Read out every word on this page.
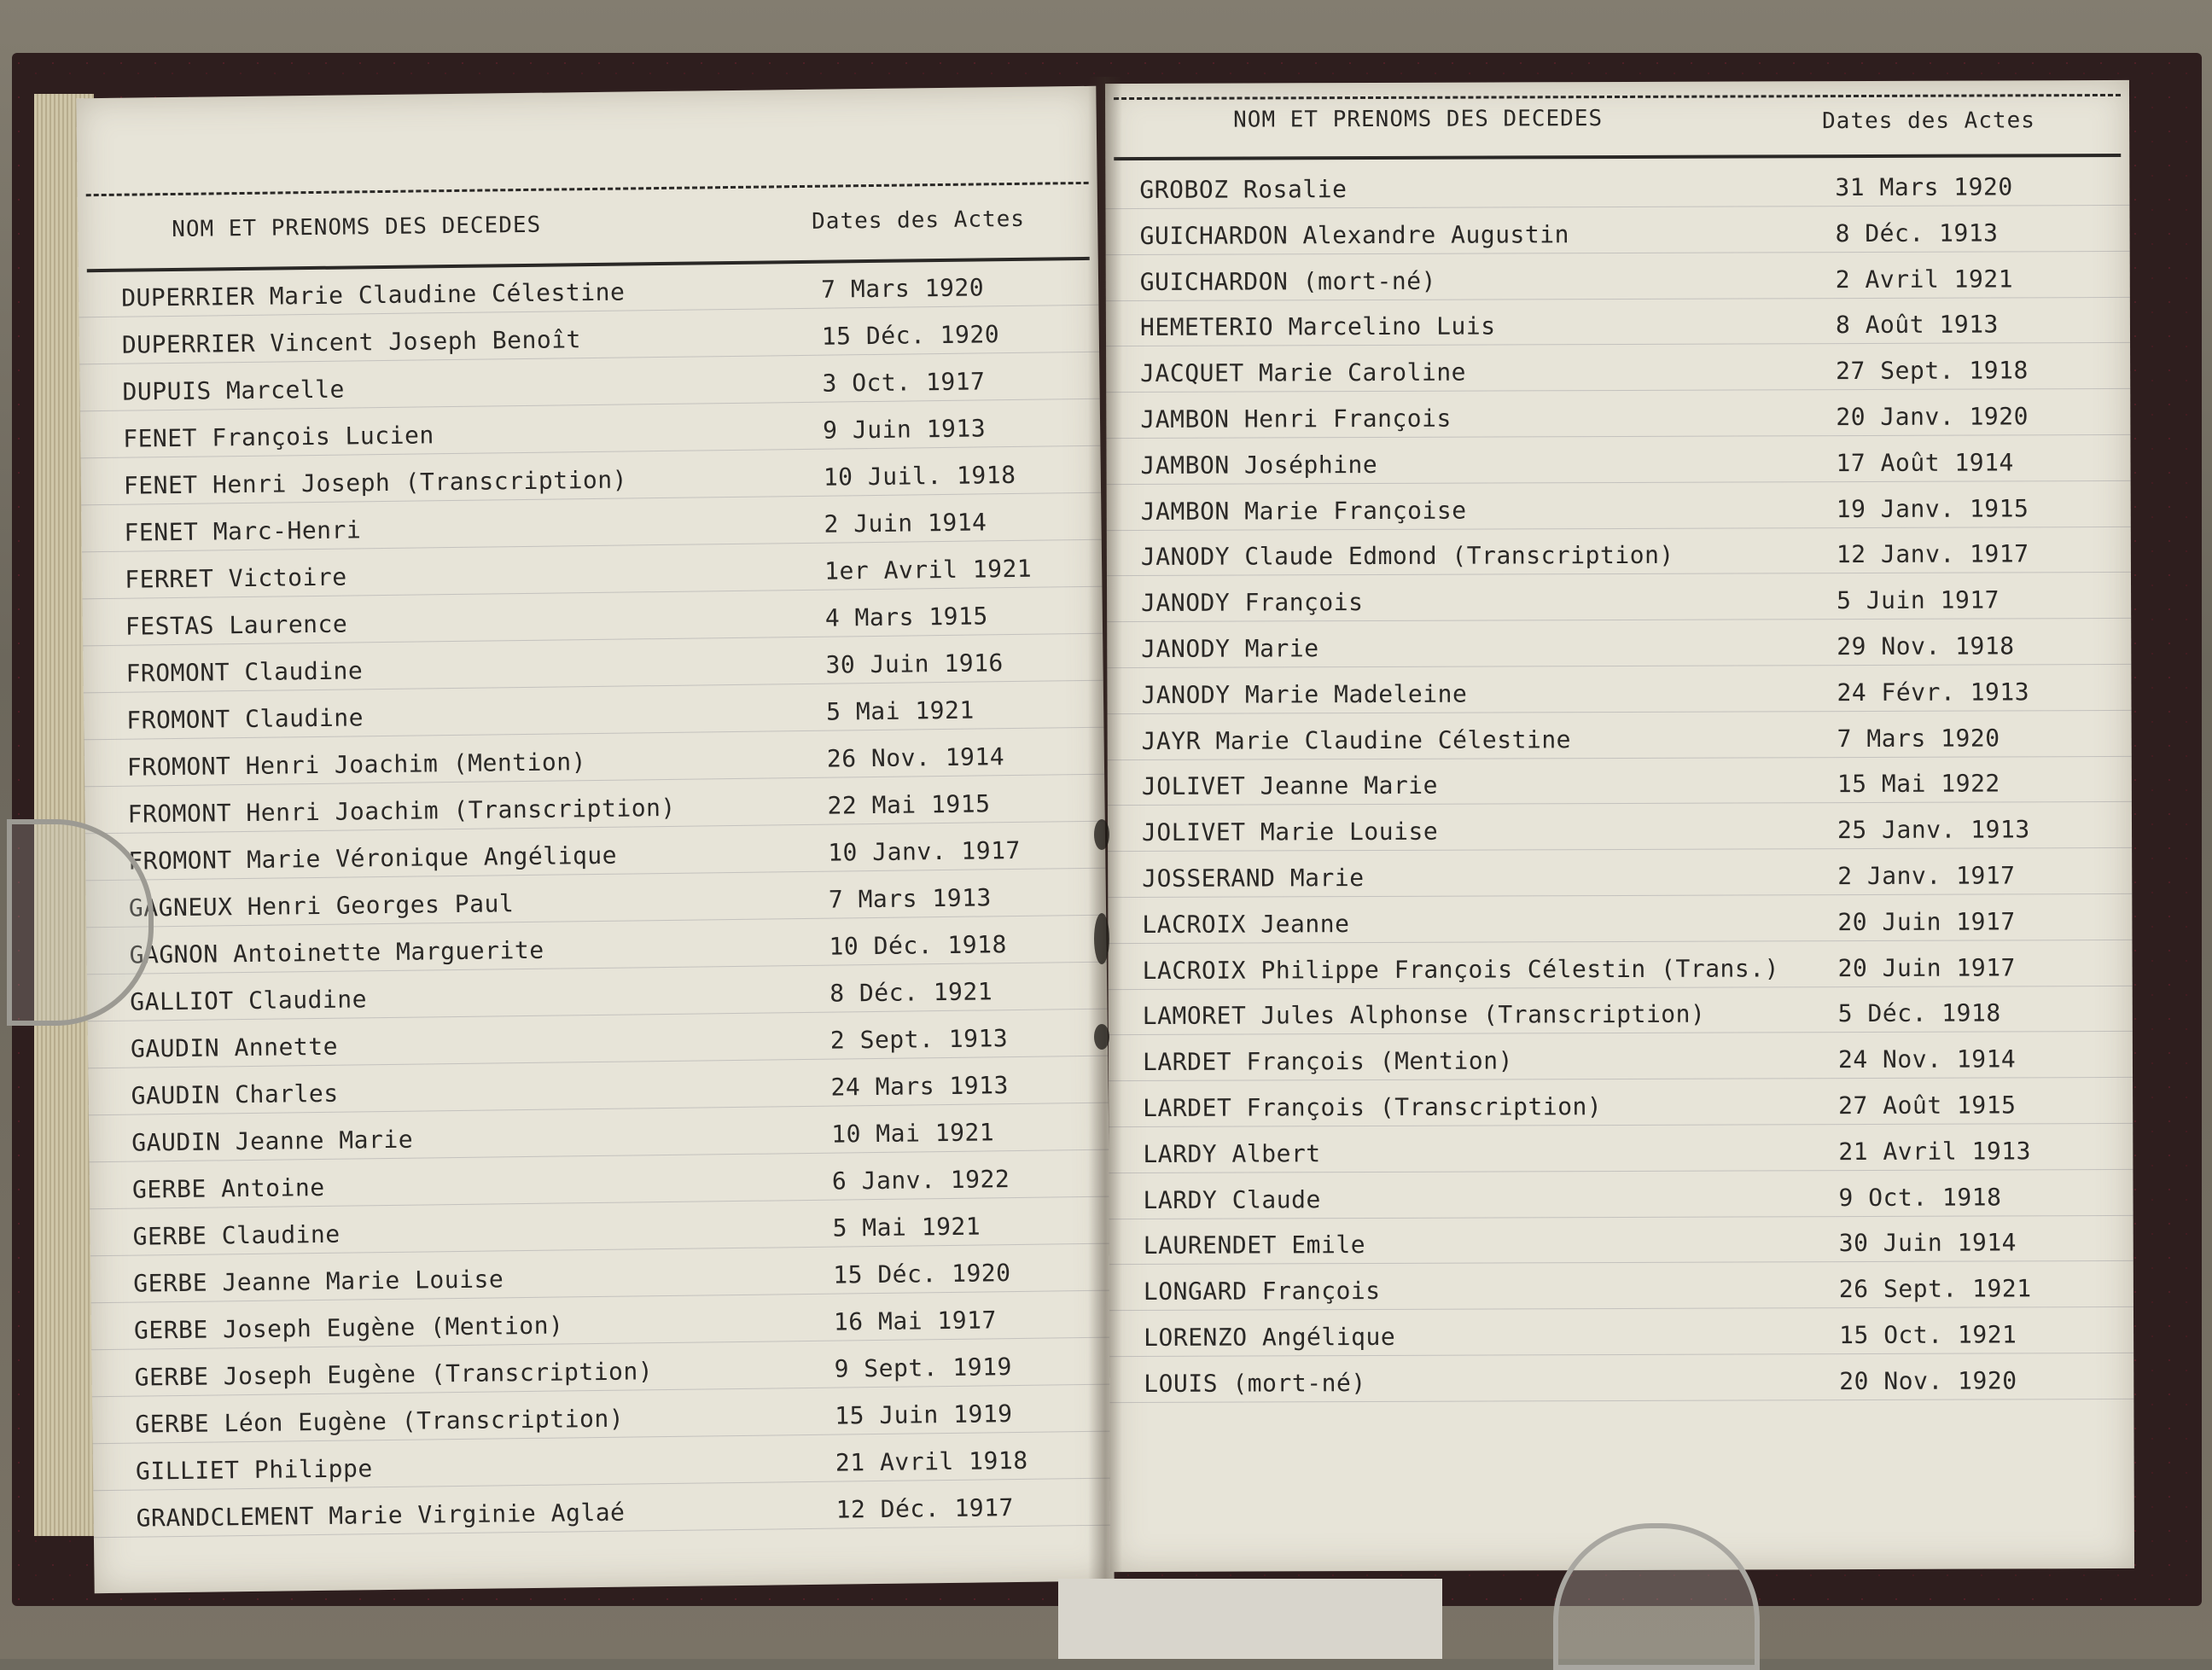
NOM ET PRENOMS DES DECEDES	Dates des Actes
DUPERRIER Marie Claudine Célestine	7 Mars 1920
DUPERRIER Vincent Joseph Benoît	15 Déc. 1920
DUPUIS Marcelle	3 Oct. 1917
FENET François Lucien	9 Juin 1913
FENET Henri Joseph (Transcription)	10 Juil. 1918
FENET Marc-Henri	2 Juin 1914
FERRET Victoire	1er Avril 1921
FESTAS Laurence	4 Mars 1915
FROMONT Claudine	30 Juin 1916
FROMONT Claudine	5 Mai 1921
FROMONT Henri Joachim (Mention)	26 Nov. 1914
FROMONT Henri Joachim (Transcription)	22 Mai 1915
FROMONT Marie Véronique Angélique	10 Janv. 1917
GAGNEUX Henri Georges Paul	7 Mars 1913
GAGNON Antoinette Marguerite	10 Déc. 1918
GALLIOT Claudine	8 Déc. 1921
GAUDIN Annette	2 Sept. 1913
GAUDIN Charles	24 Mars 1913
GAUDIN Jeanne Marie	10 Mai 1921
GERBE Antoine	6 Janv. 1922
GERBE Claudine	5 Mai 1921
GERBE Jeanne Marie Louise	15 Déc. 1920
GERBE Joseph Eugène (Mention)	16 Mai 1917
GERBE Joseph Eugène (Transcription)	9 Sept. 1919
GERBE Léon Eugène (Transcription)	15 Juin 1919
GILLIET Philippe	21 Avril 1918
GRANDCLEMENT Marie Virginie Aglaé	12 Déc. 1917
NOM ET PRENOMS DES DECEDES	Dates des Actes
GROBOZ Rosalie	31 Mars 1920
GUICHARDON Alexandre Augustin	8 Déc. 1913
GUICHARDON (mort-né)	2 Avril 1921
HEMETERIO Marcelino Luis	8 Août 1913
JACQUET Marie Caroline	27 Sept. 1918
JAMBON Henri François	20 Janv. 1920
JAMBON Joséphine	17 Août 1914
JAMBON Marie Françoise	19 Janv. 1915
JANODY Claude Edmond (Transcription)	12 Janv. 1917
JANODY François	5 Juin 1917
JANODY Marie	29 Nov. 1918
JANODY Marie Madeleine	24 Févr. 1913
JAYR Marie Claudine Célestine	7 Mars 1920
JOLIVET Jeanne Marie	15 Mai 1922
JOLIVET Marie Louise	25 Janv. 1913
JOSSERAND Marie	2 Janv. 1917
LACROIX Jeanne	20 Juin 1917
LACROIX Philippe François Célestin (Trans.) 20 Juin 1917
LAMORET Jules Alphonse (Transcription)	5 Déc. 1918
LARDET François (Mention)	24 Nov. 1914
LARDET François (Transcription)	27 Août 1915
LARDY Albert	21 Avril 1913
LARDY Claude	9 Oct. 1918
LAURENDET Emile	30 Juin 1914
LONGARD François	26 Sept. 1921
LORENZO Angélique	15 Oct. 1921
LOUIS (mort-né)	20 Nov. 1920
